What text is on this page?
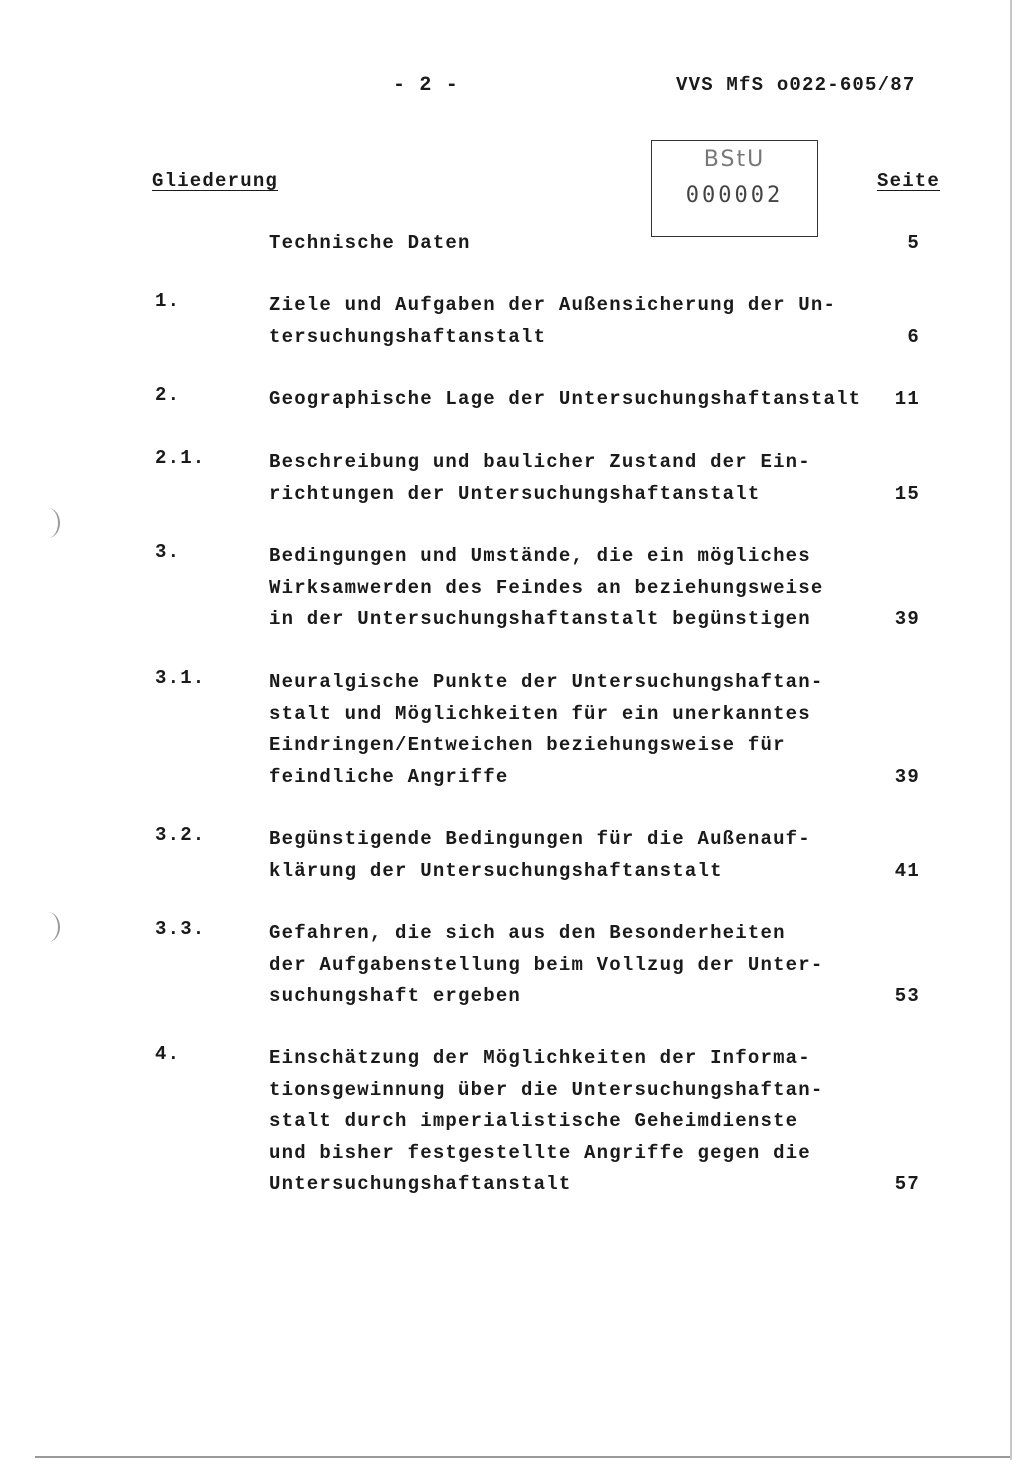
- 2 -	VVS MfS o022-605/87
BStU
000002
Gliederung	Seite
Technische Daten	5
1.	Ziele und Aufgaben der Außensicherung der Un-
tersuchungshaftanstalt	6
2.	Geographische Lage der Untersuchungshaftanstalt 11
2.1.	Beschreibung und baulicher Zustand der Ein-
richtungen der Untersuchungshaftanstalt	15
3.	Bedingungen und Umstände, die ein mögliches
Wirksamwerden des Feindes an beziehungsweise
in der Untersuchungshaftanstalt begünstigen	39
3.1.	Neuralgische Punkte der Untersuchungshaftan-
stalt und Möglichkeiten für ein unerkanntes
Eindringen/Entweichen beziehungsweise für
feindliche Angriffe	39
3.2.	Begünstigende Bedingungen für die Außenauf-
klärung der Untersuchungshaftanstalt	41
3.3.	Gefahren, die sich aus den Besonderheiten
der Aufgabenstellung beim Vollzug der Unter-
suchungshaft ergeben	53
4.	Einschätzung der Möglichkeiten der Informa-
tionsgewinnung über die Untersuchungshaftan-
stalt durch imperialistische Geheimdienste
und bisher festgestellte Angriffe gegen die
Untersuchungshaftanstalt	57
